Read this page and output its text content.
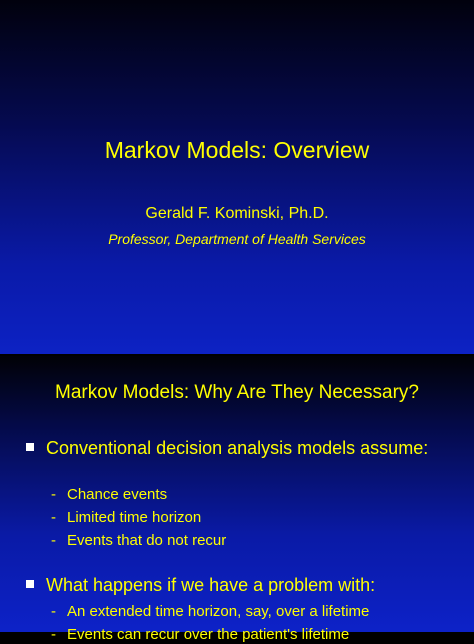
Markov Models: Overview
Gerald F. Kominski, Ph.D.
Professor, Department of Health Services
Markov Models: Why Are They Necessary?
Conventional decision analysis models assume:
- Chance events
- Limited time horizon
- Events that do not recur
What happens if we have a problem with:
- An extended time horizon, say, over a lifetime
- Events can recur over the patient's lifetime
